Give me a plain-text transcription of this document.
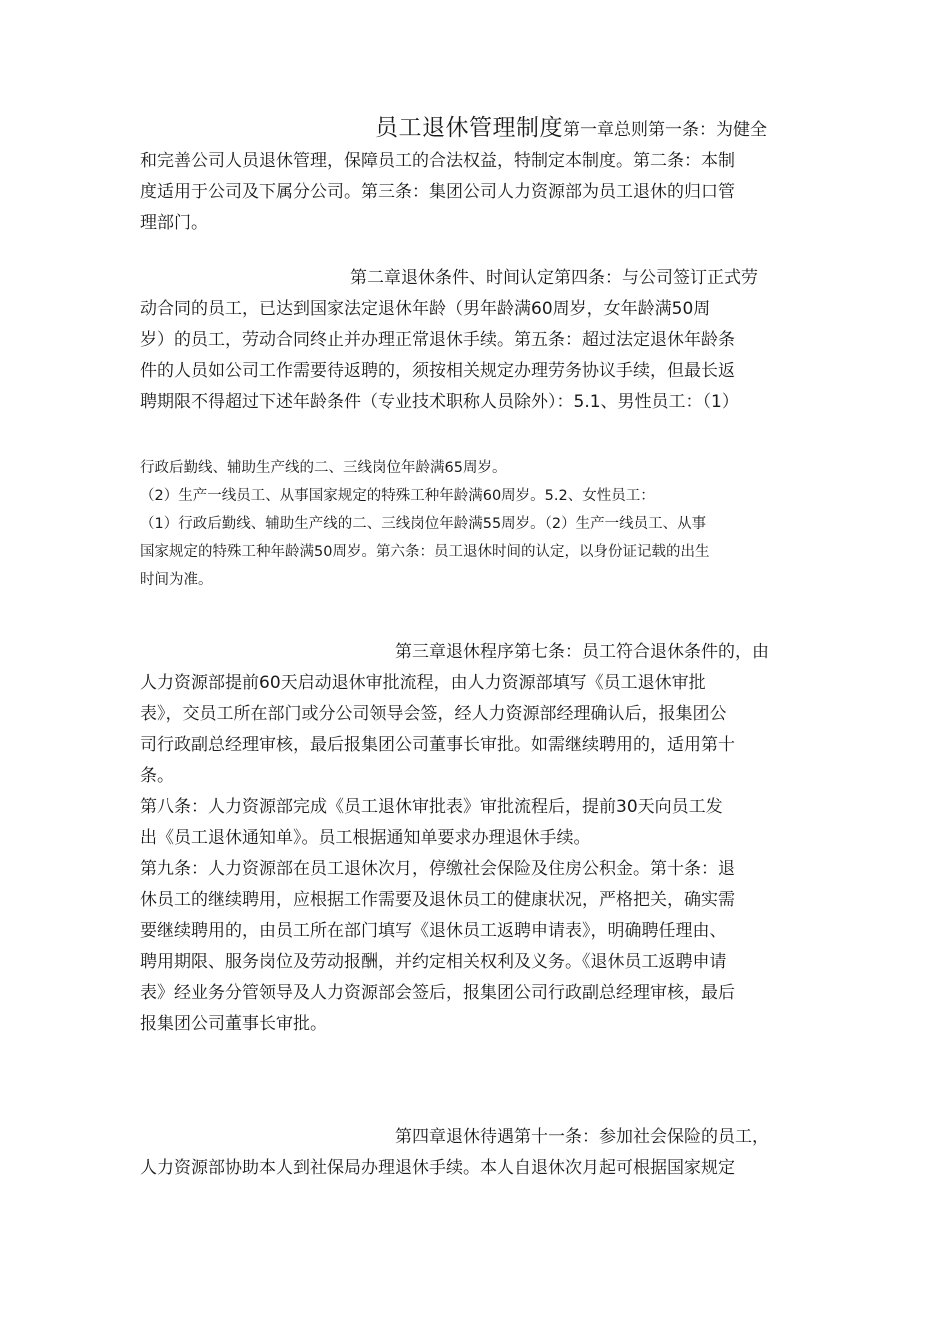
员工退休管理制度第一章总则第一条：为健全
和完善公司人员退休管理，保障员工的合法权益，特制定本制度。第二条：本制
度适用于公司及下属分公司。第三条：集团公司人力资源部为员工退休的归口管
理部门。
第二章退休条件、时间认定第四条：与公司签订正式劳
动合同的员工，已达到国家法定退休年龄（男年龄满60周岁，女年龄满50周
岁）的员工，劳动合同终止并办理正常退休手续。第五条：超过法定退休年龄条
件的人员如公司工作需要待返聘的，须按相关规定办理劳务协议手续，但最长返
聘期限不得超过下述年龄条件（专业技术职称人员除外）：5.1、男性员工：（1）
行政后勤线、辅助生产线的二、三线岗位年龄满65周岁。
（2）生产一线员工、从事国家规定的特殊工种年龄满60周岁。5.2、女性员工：
（1）行政后勤线、辅助生产线的二、三线岗位年龄满55周岁。（2）生产一线员工、从事
国家规定的特殊工种年龄满50周岁。第六条：员工退休时间的认定，以身份证记载的出生
时间为准。
第三章退休程序第七条：员工符合退休条件的，由
人力资源部提前60天启动退休审批流程，由人力资源部填写《员工退休审批
表》，交员工所在部门或分公司领导会签，经人力资源部经理确认后，报集团公
司行政副总经理审核，最后报集团公司董事长审批。如需继续聘用的，适用第十
条。
第八条：人力资源部完成《员工退休审批表》审批流程后，提前30天向员工发
出《员工退休通知单》。员工根据通知单要求办理退休手续。
第九条：人力资源部在员工退休次月，停缴社会保险及住房公积金。第十条：退
休员工的继续聘用，应根据工作需要及退休员工的健康状况，严格把关，确实需
要继续聘用的，由员工所在部门填写《退休员工返聘申请表》，明确聘任理由、
聘用期限、服务岗位及劳动报酬，并约定相关权利及义务。《退休员工返聘申请
表》经业务分管领导及人力资源部会签后，报集团公司行政副总经理审核，最后
报集团公司董事长审批。
第四章退休待遇第十一条：参加社会保险的员工，
人力资源部协助本人到社保局办理退休手续。本人自退休次月起可根据国家规定
